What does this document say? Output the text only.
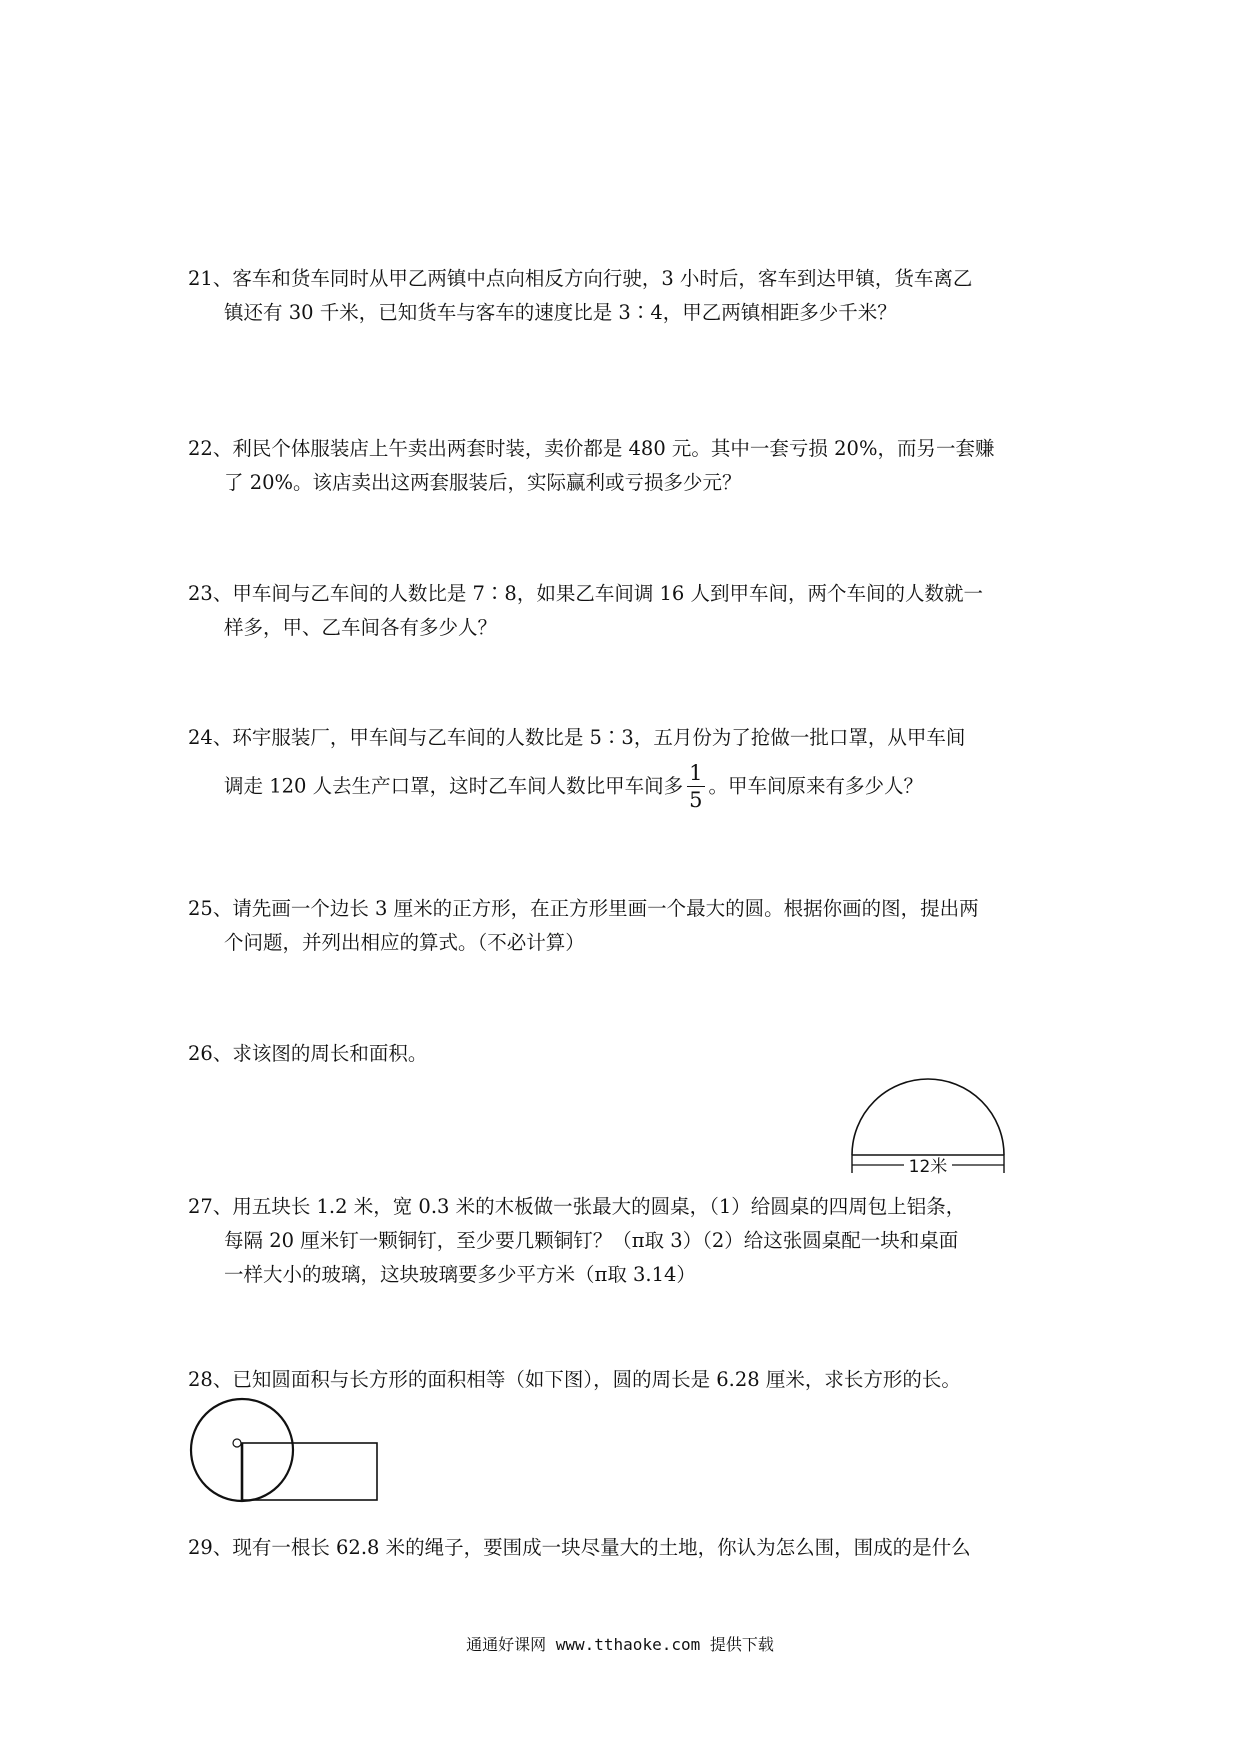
21、客车和货车同时从甲乙两镇中点向相反方向行驶，3 小时后，客车到达甲镇，货车离乙
镇还有 30 千米，已知货车与客车的速度比是 3∶4，甲乙两镇相距多少千米？
22、利民个体服装店上午卖出两套时装，卖价都是 480 元。其中一套亏损 20%，而另一套赚
了 20%。该店卖出这两套服装后，实际赢利或亏损多少元？
23、甲车间与乙车间的人数比是 7∶8，如果乙车间调 16 人到甲车间，两个车间的人数就一
样多，甲、乙车间各有多少人？
24、环宇服装厂，甲车间与乙车间的人数比是 5∶3，五月份为了抢做一批口罩，从甲车间
调走 120 人去生产口罩，这时乙车间人数比甲车间多 $\frac{1}{5}$ 。甲车间原来有多少人？
25、请先画一个边长 3 厘米的正方形，在正方形里画一个最大的圆。根据你画的图，提出两
个问题，并列出相应的算式。（不必计算）
26、求该图的周长和面积。
12米
27、用五块长 1.2 米，宽 0.3 米的木板做一张最大的圆桌，（1）给圆桌的四周包上铝条，
每隔 20 厘米钉一颗铜钉，至少要几颗铜钉？（π取 3）（2）给这张圆桌配一块和桌面
一样大小的玻璃，这块玻璃要多少平方米（π取 3.14）
28、已知圆面积与长方形的面积相等（如下图），圆的周长是 6.28 厘米，求长方形的长。
29、现有一根长 62.8 米的绳子，要围成一块尽量大的土地，你认为怎么围，围成的是什么
通通好课网 www.tthaoke.com 提供下载
